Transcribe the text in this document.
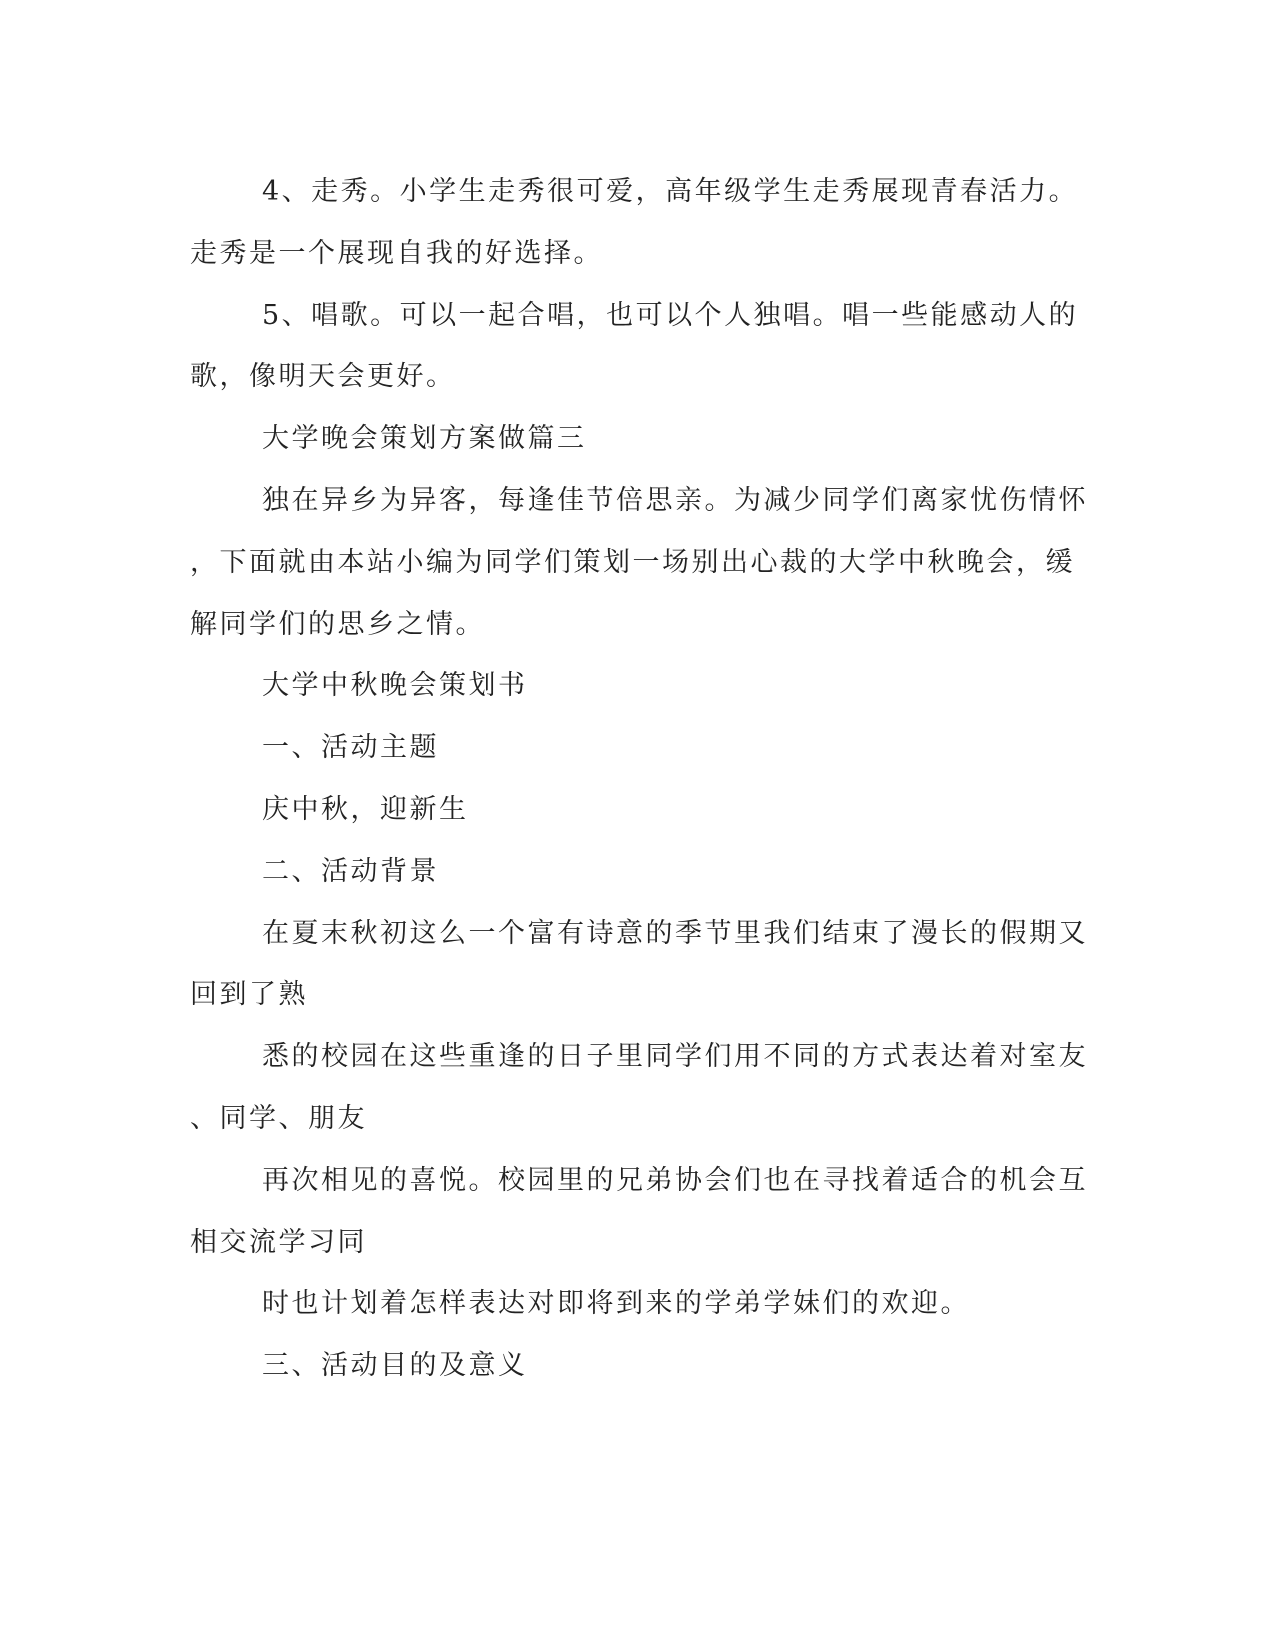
4、走秀。小学生走秀很可爱，高年级学生走秀展现青春活力。
走秀是一个展现自我的好选择。
5、唱歌。可以一起合唱，也可以个人独唱。唱一些能感动人的
歌，像明天会更好。
大学晚会策划方案做篇三
独在异乡为异客，每逢佳节倍思亲。为减少同学们离家忧伤情怀
，下面就由本站小编为同学们策划一场别出心裁的大学中秋晚会，缓
解同学们的思乡之情。
大学中秋晚会策划书
一、活动主题
庆中秋，迎新生
二、活动背景
在夏末秋初这么一个富有诗意的季节里我们结束了漫长的假期又
回到了熟
悉的校园在这些重逢的日子里同学们用不同的方式表达着对室友
、同学、朋友
再次相见的喜悦。校园里的兄弟协会们也在寻找着适合的机会互
相交流学习同
时也计划着怎样表达对即将到来的学弟学妹们的欢迎。
三、活动目的及意义
